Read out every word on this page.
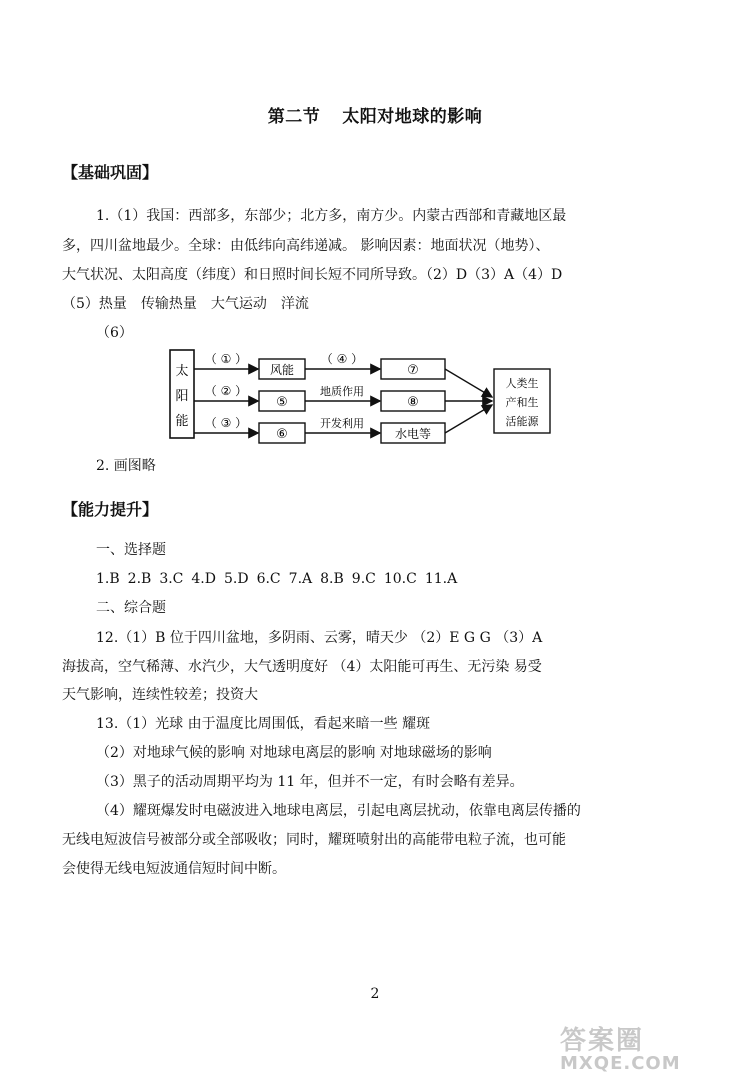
第二节 太阳对地球的影响
【基础巩固】
1.（1）我国：西部多，东部少；北方多，南方少。内蒙古西部和青藏地区最
多，四川盆地最少。全球：由低纬向高纬递减。 影响因素：地面状况（地势）、
大气状况、太阳高度（纬度）和日照时间长短不同所导致。（2）D（3）A（4）D
（5）热量 传输热量 大气运动 洋流
（6）
太
阳
能
（ ① ）
（ ② ）
（ ③ ）
风能
⑤
⑥
（ ④ ）
地质作用
开发利用
⑦
⑧
水电等
人类生
产和生
活能源
2. 画图略
【能力提升】
一、选择题
1.B 2.B 3.C 4.D 5.D 6.C 7.A 8.B 9.C 10.C 11.A
二、综合题
12.（1）B 位于四川盆地，多阴雨、云雾，晴天少 （2）E G G （3）A
海拔高，空气稀薄、水汽少，大气透明度好 （4）太阳能可再生、无污染 易受
天气影响，连续性较差；投资大
13.（1）光球 由于温度比周围低，看起来暗一些 耀斑
（2）对地球气候的影响 对地球电离层的影响 对地球磁场的影响
（3）黑子的活动周期平均为 11 年，但并不一定，有时会略有差异。
（4）耀斑爆发时电磁波进入地球电离层，引起电离层扰动，依靠电离层传播的
无线电短波信号被部分或全部吸收；同时，耀斑喷射出的高能带电粒子流，也可能
会使得无线电短波通信短时间中断。
2
答案圈
MXQE.COM
